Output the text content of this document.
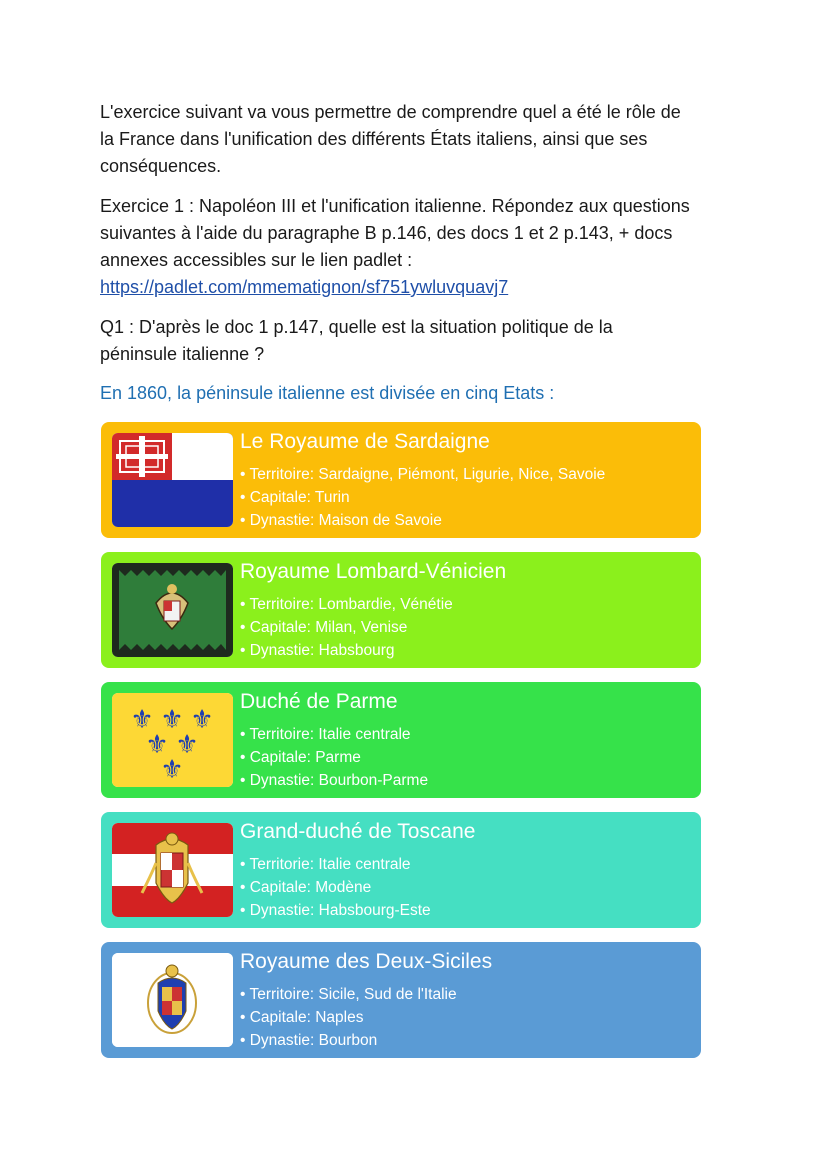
L'exercice suivant va vous permettre de comprendre quel a été le rôle de
la France dans l'unification des différents États italiens, ainsi que ses
conséquences.
Exercice 1 : Napoléon III et l'unification italienne. Répondez aux questions
suivantes à l'aide du paragraphe B p.146, des docs 1 et 2 p.143, + docs
annexes accessibles sur le lien padlet :
https://padlet.com/mmematignon/sf751ywluvquavj7
Q1 : D'après le doc 1 p.147, quelle est la situation politique de la
péninsule italienne ?
En 1860, la péninsule italienne est divisée en cinq Etats :
Le Royaume de Sardaigne
• Territoire: Sardaigne, Piémont, Ligurie, Nice, Savoie
• Capitale: Turin
• Dynastie: Maison de Savoie
Royaume Lombard-Vénicien
• Territoire: Lombardie, Vénétie
• Capitale: Milan, Venise
• Dynastie: Habsbourg
⚜ ⚜ ⚜
⚜ ⚜
⚜
Duché de Parme
• Territoire: Italie centrale
• Capitale: Parme
• Dynastie: Bourbon-Parme
Grand-duché de Toscane
• Territorie: Italie centrale
• Capitale: Modène
• Dynastie: Habsbourg-Este
Royaume des Deux-Siciles
• Territoire: Sicile, Sud de l'Italie
• Capitale: Naples
• Dynastie: Bourbon
